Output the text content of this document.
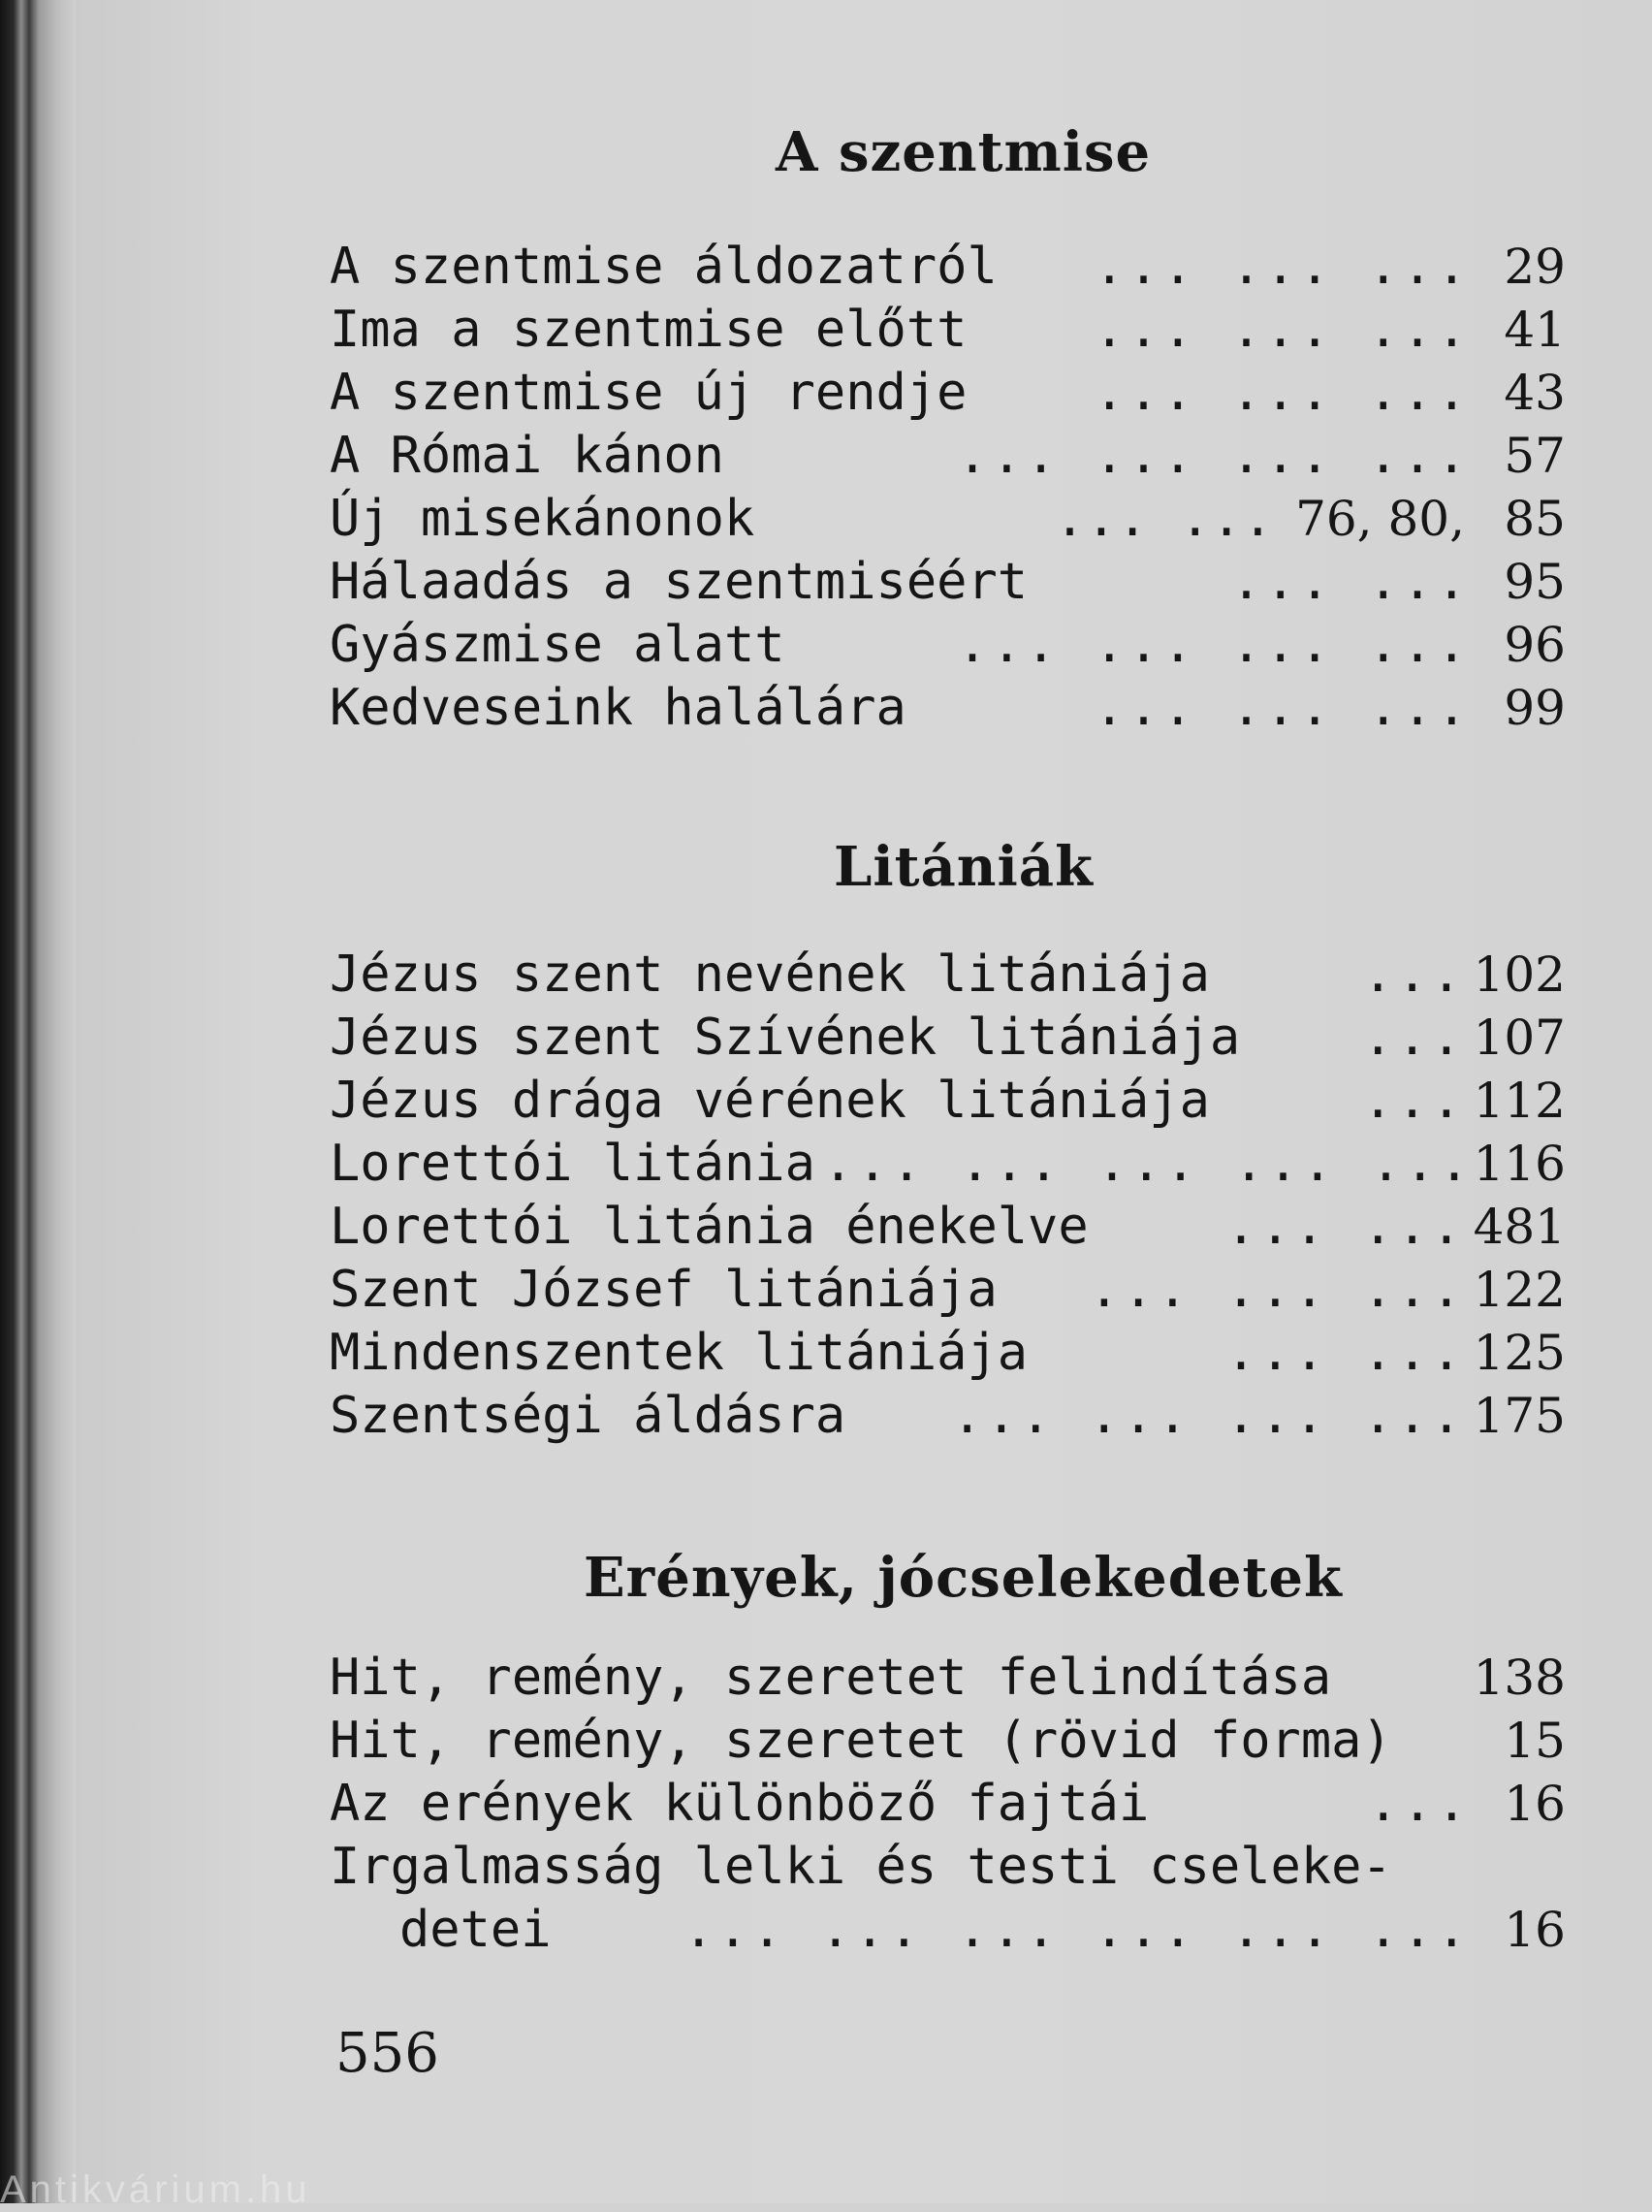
A szentmise
A szentmise áldozatról	... ... ... 29
Ima a szentmise előtt	... ... ... 41
A szentmise új rendje	... ... ... 43
A Római kánon	... ... ... ... 57
Új misekánonok	... ... 76, 80, 85
Hálaadás a szentmiséért	... ... 95
Gyászmise alatt	... ... ... ... 96
Kedveseink halálára	... ... ... 99
Litániák
Jézus szent nevének litániája	... 102
Jézus szent Szívének litániája	... 107
Jézus drága vérének litániája	... 112
Lorettói litánia ... ... ... ... ... 116
Lorettói litánia énekelve	... ... 481
Szent József litániája	... ... ... 122
Mindenszentek litániája	... ... 125
Szentségi áldásra	... ... ... ... 175
Erények, jócselekedetek
Hit, remény, szeretet felindítása	138
Hit, remény, szeretet (rövid forma)	15
Az erények különböző fajtái	... 16
Irgalmasság lelki és testi cseleke-
detei	... ... ... ... ... ... 16

556

Antikvárium.hu
